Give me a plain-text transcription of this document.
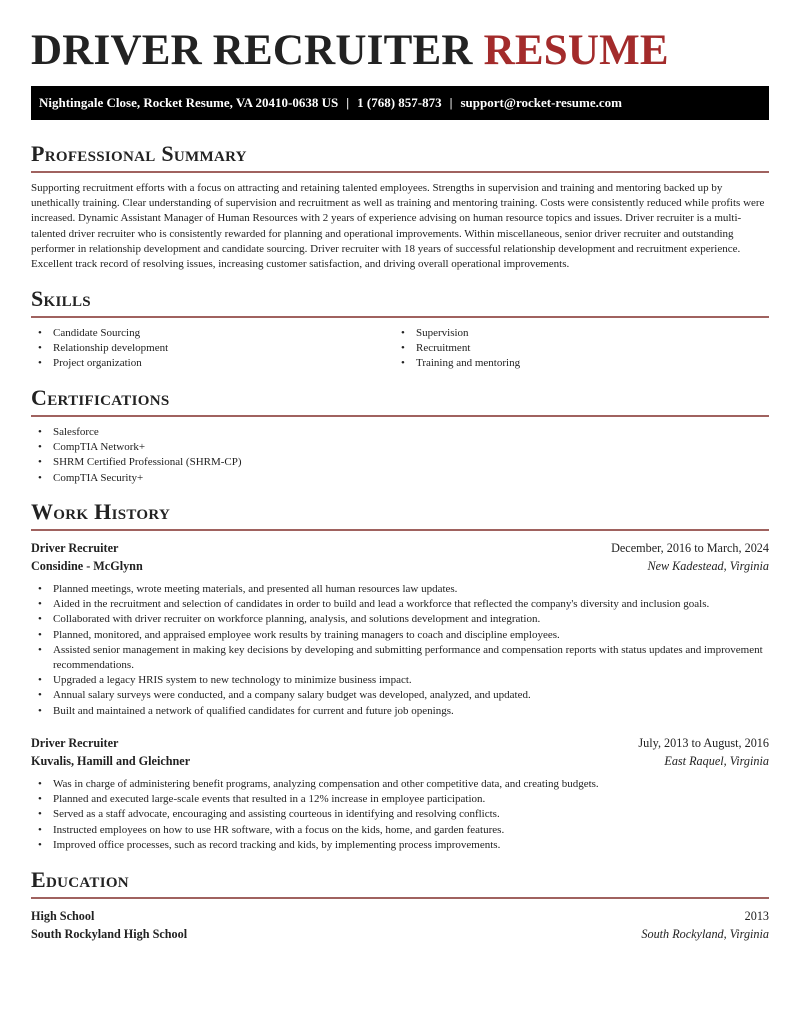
DRIVER RECRUITER RESUME
Nightingale Close, Rocket Resume, VA 20410-0638 US | 1 (768) 857-873 | support@rocket-resume.com
Professional Summary

Supporting recruitment efforts with a focus on attracting and retaining talented employees. Strengths in supervision and training and mentoring backed up by unethically training. Clear understanding of supervision and recruitment as well as training and mentoring training. Costs were consistently reduced while profits were increased. Dynamic Assistant Manager of Human Resources with 2 years of experience advising on human resource topics and issues. Driver recruiter is a multi-talented driver recruiter who is consistently rewarded for planning and operational improvements. Within miscellaneous, senior driver recruiter and outstanding performer in relationship development and candidate sourcing. Driver recruiter with 18 years of successful relationship development and recruitment experience. Excellent track record of resolving issues, increasing customer satisfaction, and driving overall operational improvements.

Skills
• Candidate Sourcing
• Relationship development
• Project organization
• Supervision
• Recruitment
• Training and mentoring
Certifications
• Salesforce
• CompTIA Network+
• SHRM Certified Professional (SHRM-CP)
• CompTIA Security+
Work History
Driver Recruiter	December, 2016 to March, 2024
Considine - McGlynn	New Kadestead, Virginia
• Planned meetings, wrote meeting materials, and presented all human resources law updates.
• Aided in the recruitment and selection of candidates in order to build and lead a workforce that reflected the company's diversity and inclusion goals.
• Collaborated with driver recruiter on workforce planning, analysis, and solutions development and integration.
• Planned, monitored, and appraised employee work results by training managers to coach and discipline employees.
• Assisted senior management in making key decisions by developing and submitting performance and compensation reports with status updates and improvement recommendations.
• Upgraded a legacy HRIS system to new technology to minimize business impact.
• Annual salary surveys were conducted, and a company salary budget was developed, analyzed, and updated.
• Built and maintained a network of qualified candidates for current and future job openings.
Driver Recruiter	July, 2013 to August, 2016
Kuvalis, Hamill and Gleichner	East Raquel, Virginia
• Was in charge of administering benefit programs, analyzing compensation and other competitive data, and creating budgets.
• Planned and executed large-scale events that resulted in a 12% increase in employee participation.
• Served as a staff advocate, encouraging and assisting courteous in identifying and resolving conflicts.
• Instructed employees on how to use HR software, with a focus on the kids, home, and garden features.
• Improved office processes, such as record tracking and kids, by implementing process improvements.
Education
High School	2013
South Rockyland High School	South Rockyland, Virginia
